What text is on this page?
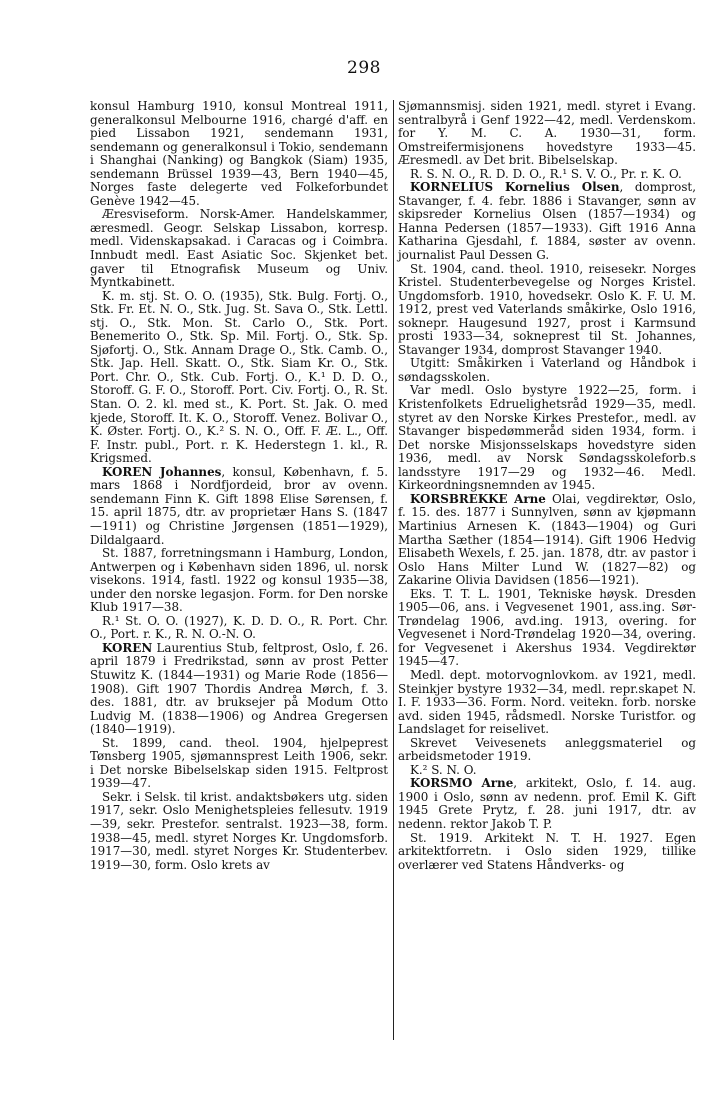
298

konsul Hamburg 1910, konsul Montreal 1911, generalkonsul Melbourne 1916, chargé d'aff. en pied Lissabon 1921, sendemann 1931, sendemann og generalkonsul i Tokio, sendemann i Shanghai (Nanking) og Bangkok (Siam) 1935, sendemann Brüssel 1939—43, Bern 1940—45, Norges faste delegerte ved Folkeforbundet Genève 1942—45.

Æresviseform. Norsk-Amer. Handelskammer, æresmedl. Geogr. Selskap Lissabon, korresp. medl. Videnskapsakad. i Caracas og i Coimbra. Innbudt medl. East Asiatic Soc. Skjenket bet. gaver til Etnografisk Museum og Univ. Myntkabinett.

K. m. stj. St. O. O. (1935), Stk. Bulg. Fortj. O., Stk. Fr. Et. N. O., Stk. Jug. St. Sava O., Stk. Lettl. stj. O., Stk. Mon. St. Carlo O., Stk. Port. Benemerito O., Stk. Sp. Mil. Fortj. O., Stk. Sp. Sjøfortj. O., Stk. Annam Drage O., Stk. Camb. O., Stk. Jap. Hell. Skatt. O., Stk. Siam Kr. O., Stk. Port. Chr. O., Stk. Cub. Fortj. O., K.¹ D. D. O., Storoff. G. F. O., Storoff. Port. Civ. Fortj. O., R. St. Stan. O. 2. kl. med st., K. Port. St. Jak. O. med kjede, Storoff. It. K. O., Storoff. Venez. Bolivar O., K. Øster. Fortj. O., K.² S. N. O., Off. F. Æ. L., Off. F. Instr. publ., Port. r. K. Hederstegn 1. kl., R. Krigsmed.

KOREN Johannes, konsul, København, f. 5. mars 1868 i Nordfjordeid, bror av ovenn. sendemann Finn K. Gift 1898 Elise Sørensen, f. 15. april 1875, dtr. av proprietær Hans S. (1847—1911) og Christine Jørgensen (1851—1929), Dildalgaard.

St. 1887, forretningsmann i Hamburg, London, Antwerpen og i København siden 1896, ul. norsk visekons. 1914, fastl. 1922 og konsul 1935—38, under den norske legasjon. Form. for Den norske Klub 1917—38.

R.¹ St. O. O. (1927), K. D. D. O., R. Port. Chr. O., Port. r. K., R. N. O.-N. O.

KOREN Laurentius Stub, feltprost, Oslo, f. 26. april 1879 i Fredrikstad, sønn av prost Petter Stuwitz K. (1844—1931) og Marie Rode (1856—1908). Gift 1907 Thordis Andrea Mørch, f. 3. des. 1881, dtr. av bruksejer på Modum Otto Ludvig M. (1838—1906) og Andrea Gregersen (1840—1919).

St. 1899, cand. theol. 1904, hjelpeprest Tønsberg 1905, sjømannsprest Leith 1906, sekr. i Det norske Bibelselskap siden 1915. Feltprost 1939—47.

Sekr. i Selsk. til krist. andaktsbøkers utg. siden 1917, sekr. Oslo Menighetspleies fellesutv. 1919—39, sekr. Prestefor. sentralst. 1923—38, form. 1938—45, medl. styret Norges Kr. Ungdomsforb. 1917—30, medl. styret Norges Kr. Studenterbev. 1919—30, form. Oslo krets av

Sjømannsmisj. siden 1921, medl. styret i Evang. sentralbyrå i Genf 1922—42, medl. Verdenskom. for Y. M. C. A. 1930—31, form. Omstreifermisjonens hovedstyre 1933—45. Æresmedl. av Det brit. Bibelselskap.

R. S. N. O., R. D. D. O., R.¹ S. V. O., Pr. r. K. O.

KORNELIUS Kornelius Olsen, domprost, Stavanger, f. 4. febr. 1886 i Stavanger, sønn av skipsreder Kornelius Olsen (1857—1934) og Hanna Pedersen (1857—1933). Gift 1916 Anna Katharina Gjesdahl, f. 1884, søster av ovenn. journalist Paul Dessen G.

St. 1904, cand. theol. 1910, reisesekr. Norges Kristel. Studenterbevegelse og Norges Kristel. Ungdomsforb. 1910, hovedsekr. Oslo K. F. U. M. 1912, prest ved Vaterlands småkirke, Oslo 1916, soknepr. Haugesund 1927, prost i Karmsund prosti 1933—34, sokneprest til St. Johannes, Stavanger 1934, domprost Stavanger 1940.

Utgitt: Småkirken i Vaterland og Håndbok i søndagsskolen.

Var medl. Oslo bystyre 1922—25, form. i Kristenfolkets Edruelighetsråd 1929—35, medl. styret av den Norske Kirkes Prestefor., medl. av Stavanger bispedømmeråd siden 1934, form. i Det norske Misjonsselskaps hovedstyre siden 1936, medl. av Norsk Søndagsskoleforb.s landsstyre 1917—29 og 1932—46. Medl. Kirkeordningsnemnden av 1945.

KORSBREKKE Arne Olai, vegdirektør, Oslo, f. 15. des. 1877 i Sunnylven, sønn av kjøpmann Martinius Arnesen K. (1843—1904) og Guri Martha Sæther (1854—1914). Gift 1906 Hedvig Elisabeth Wexels, f. 25. jan. 1878, dtr. av pastor i Oslo Hans Milter Lund W. (1827—82) og Zakarine Olivia Davidsen (1856—1921).

Eks. T. T. L. 1901, Tekniske høysk. Dresden 1905—06, ans. i Vegvesenet 1901, ass.ing. Sør-Trøndelag 1906, avd.ing. 1913, overing. for Vegvesenet i Nord-Trøndelag 1920—34, overing. for Vegvesenet i Akershus 1934. Vegdirektør 1945—47.

Medl. dept. motorvognlovkom. av 1921, medl. Steinkjer bystyre 1932—34, medl. repr.skapet N. I. F. 1933—36. Form. Nord. veitekn. forb. norske avd. siden 1945, rådsmedl. Norske Turistfor. og Landslaget for reiselivet.

Skrevet Veivesenets anleggsmateriel og arbeidsmetoder 1919.

K.² S. N. O.

KORSMO Arne, arkitekt, Oslo, f. 14. aug. 1900 i Oslo, sønn av nedenn. prof. Emil K. Gift 1945 Grete Prytz, f. 28. juni 1917, dtr. av nedenn. rektor Jakob T. P.

St. 1919. Arkitekt N. T. H. 1927. Egen arkitektforretn. i Oslo siden 1929, tillike overlærer ved Statens Håndverks- og
